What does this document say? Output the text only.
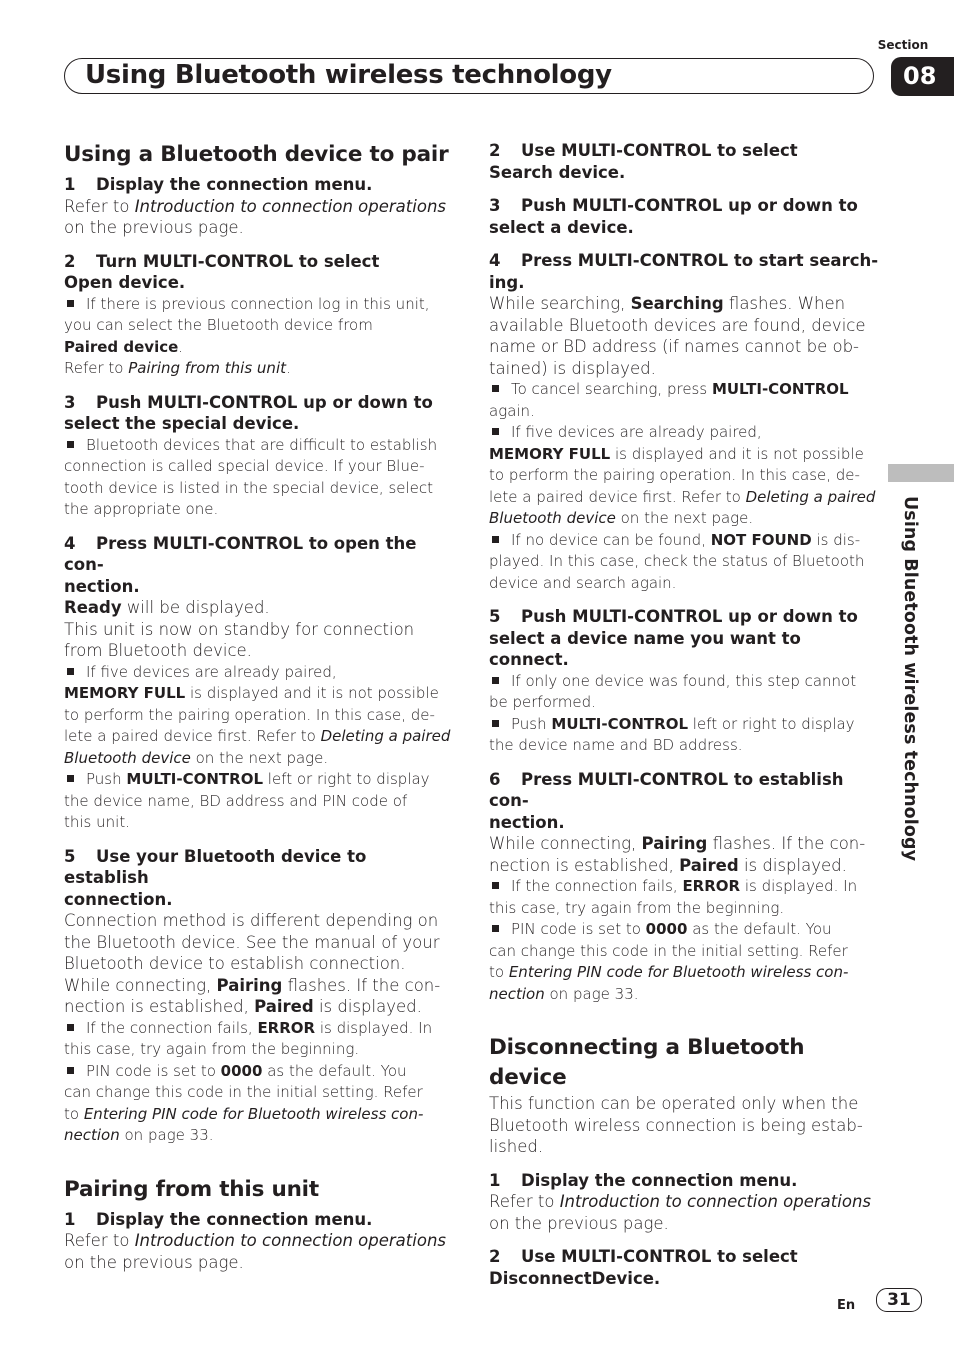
Section
Using Bluetooth wireless technology	08
Using Bluetooth wireless technology
Using a Bluetooth device to pair
1 Display the connection menu.
Refer to Introduction to connection operations
on the previous page.
2 Turn MULTI-CONTROL to select
Open device.
If there is previous connection log in this unit,
you can select the Bluetooth device from
Paired device.
Refer to Pairing from this unit.
3 Push MULTI-CONTROL up or down to
select the special device.
Bluetooth devices that are difficult to establish
connection is called special device. If your Blue-
tooth device is listed in the special device, select
the appropriate one.
4 Press MULTI-CONTROL to open the con-
nection.
Ready will be displayed.
This unit is now on standby for connection
from Bluetooth device.
If five devices are already paired,
MEMORY FULL is displayed and it is not possible
to perform the pairing operation. In this case, de-
lete a paired device first. Refer to Deleting a paired
Bluetooth device on the next page.
Push MULTI-CONTROL left or right to display
the device name, BD address and PIN code of
this unit.
5 Use your Bluetooth device to establish
connection.
Connection method is different depending on
the Bluetooth device. See the manual of your
Bluetooth device to establish connection.
While connecting, Pairing flashes. If the con-
nection is established, Paired is displayed.
If the connection fails, ERROR is displayed. In
this case, try again from the beginning.
PIN code is set to 0000 as the default. You
can change this code in the initial setting. Refer
to Entering PIN code for Bluetooth wireless con-
nection on page 33.
Pairing from this unit
1 Display the connection menu.
Refer to Introduction to connection operations
on the previous page.
2 Use MULTI-CONTROL to select
Search device.
3 Push MULTI-CONTROL up or down to
select a device.
4 Press MULTI-CONTROL to start search-
ing.
While searching, Searching flashes. When
available Bluetooth devices are found, device
name or BD address (if names cannot be ob-
tained) is displayed.
To cancel searching, press MULTI-CONTROL
again.
If five devices are already paired,
MEMORY FULL is displayed and it is not possible
to perform the pairing operation. In this case, de-
lete a paired device first. Refer to Deleting a paired
Bluetooth device on the next page.
If no device can be found, NOT FOUND is dis-
played. In this case, check the status of Bluetooth
device and search again.
5 Push MULTI-CONTROL up or down to
select a device name you want to connect.
If only one device was found, this step cannot
be performed.
Push MULTI-CONTROL left or right to display
the device name and BD address.
6 Press MULTI-CONTROL to establish con-
nection.
While connecting, Pairing flashes. If the con-
nection is established, Paired is displayed.
If the connection fails, ERROR is displayed. In
this case, try again from the beginning.
PIN code is set to 0000 as the default. You
can change this code in the initial setting. Refer
to Entering PIN code for Bluetooth wireless con-
nection on page 33.
Disconnecting a Bluetooth device
This function can be operated only when the
Bluetooth wireless connection is being estab-
lished.
1 Display the connection menu.
Refer to Introduction to connection operations
on the previous page.
2 Use MULTI-CONTROL to select
DisconnectDevice.
En	31
